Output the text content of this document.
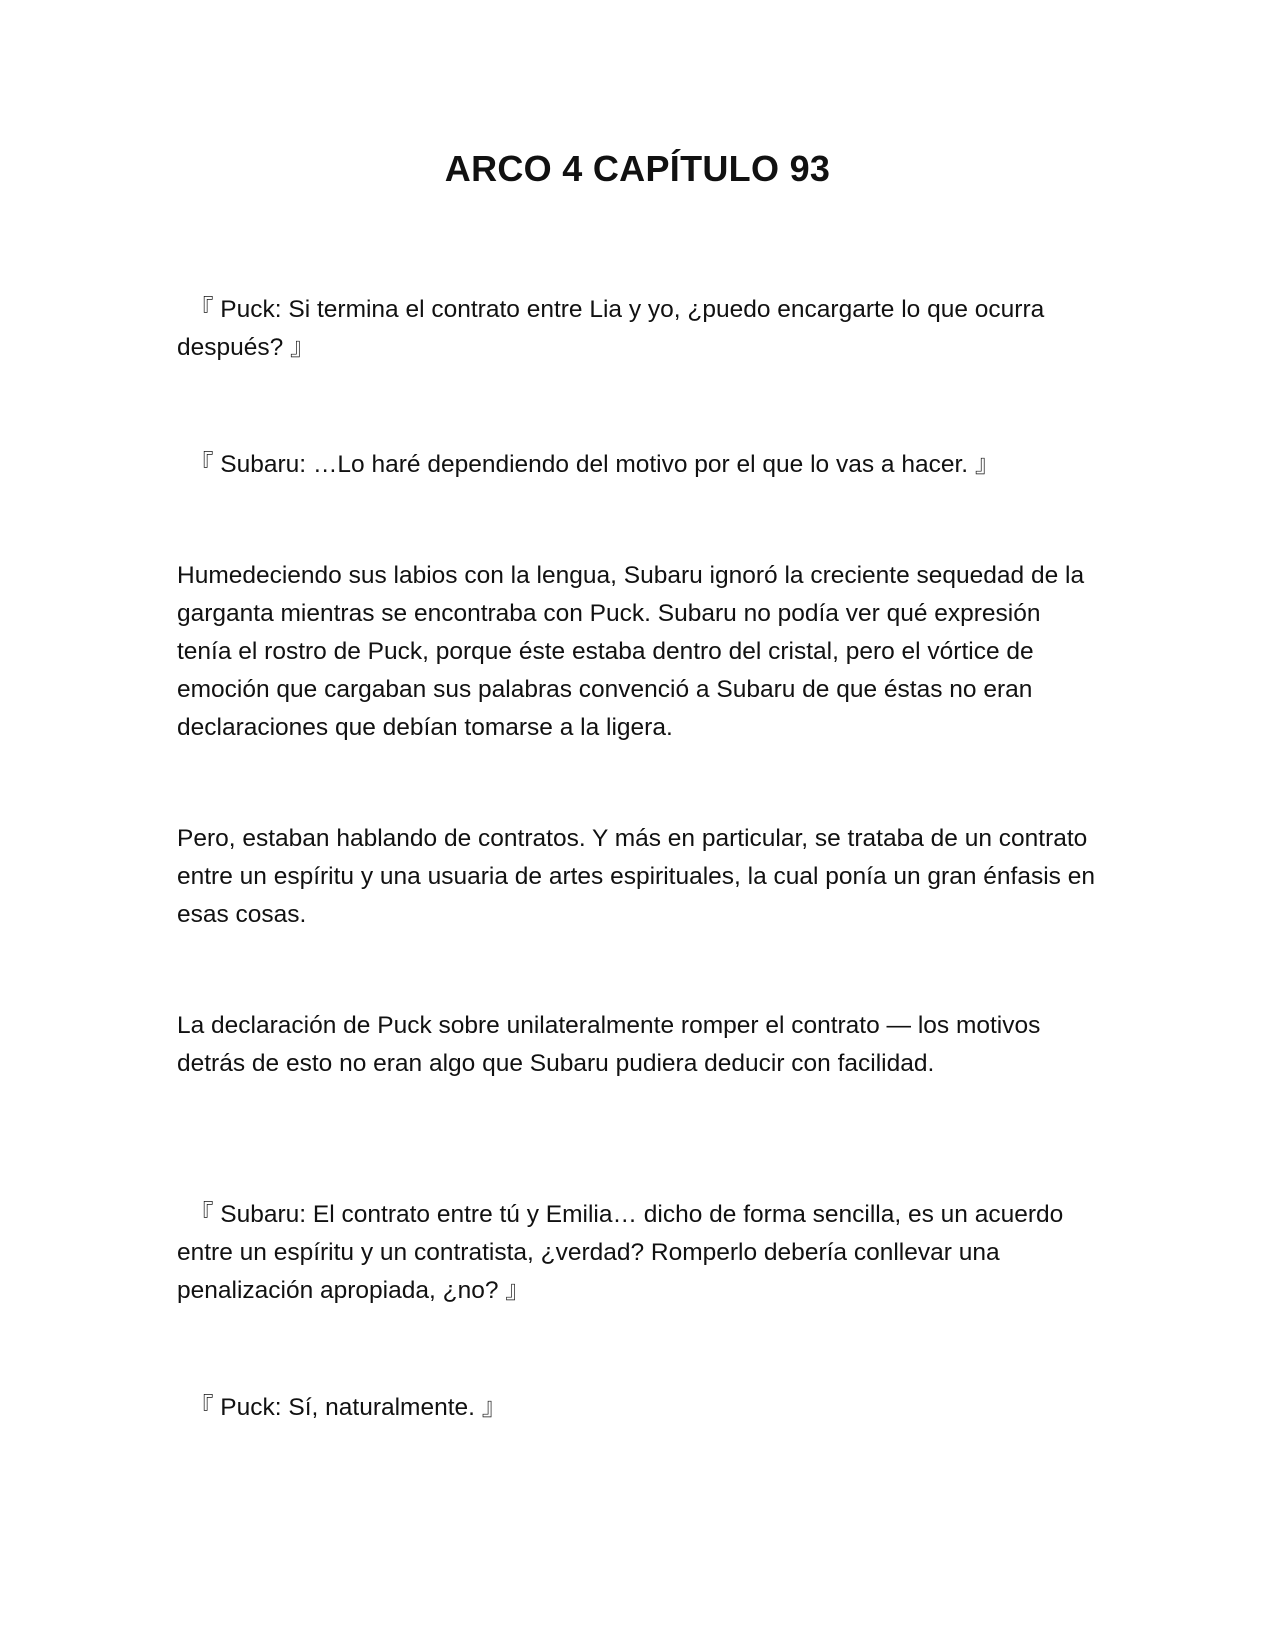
ARCO 4 CAPÍTULO 93

『 Puck: Si termina el contrato entre Lia y yo, ¿puedo encargarte lo que ocurra después? 』

『 Subaru: …Lo haré dependiendo del motivo por el que lo vas a hacer. 』

Humedeciendo sus labios con la lengua, Subaru ignoró la creciente sequedad de la garganta mientras se encontraba con Puck. Subaru no podía ver qué expresión tenía el rostro de Puck, porque éste estaba dentro del cristal, pero el vórtice de emoción que cargaban sus palabras convenció a Subaru de que éstas no eran declaraciones que debían tomarse a la ligera.

Pero, estaban hablando de contratos. Y más en particular, se trataba de un contrato entre un espíritu y una usuaria de artes espirituales, la cual ponía un gran énfasis en esas cosas.

La declaración de Puck sobre unilateralmente romper el contrato — los motivos detrás de esto no eran algo que Subaru pudiera deducir con facilidad.

『 Subaru: El contrato entre tú y Emilia… dicho de forma sencilla, es un acuerdo entre un espíritu y un contratista, ¿verdad? Romperlo debería conllevar una penalización apropiada, ¿no? 』

『 Puck: Sí, naturalmente. 』
